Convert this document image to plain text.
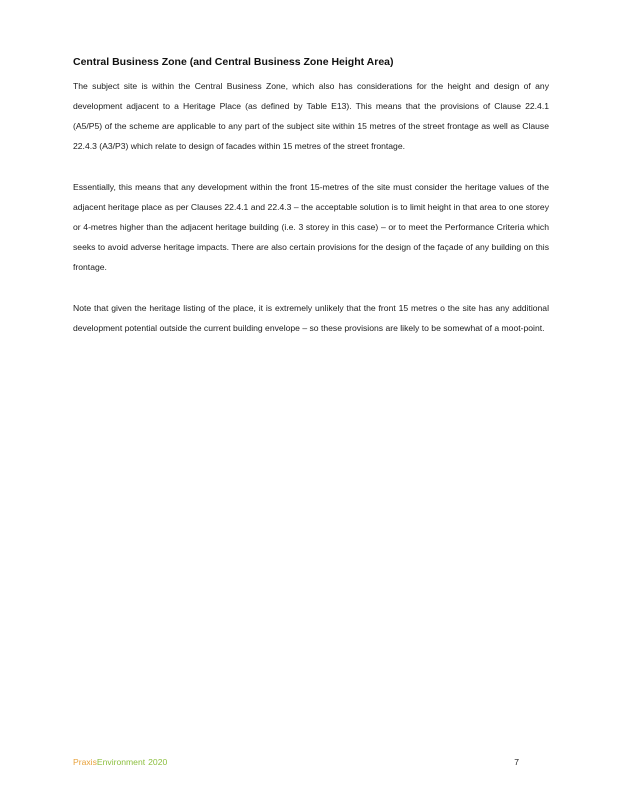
Central Business Zone (and Central Business Zone Height Area)

The subject site is within the Central Business Zone, which also has considerations for the height and design of any development adjacent to a Heritage Place (as defined by Table E13). This means that the provisions of Clause 22.4.1 (A5/P5) of the scheme are applicable to any part of the subject site within 15 metres of the street frontage as well as Clause 22.4.3 (A3/P3) which relate to design of facades within 15 metres of the street frontage.

Essentially, this means that any development within the front 15-metres of the site must consider the heritage values of the adjacent heritage place as per Clauses 22.4.1 and 22.4.3 – the acceptable solution is to limit height in that area to one storey or 4-metres higher than the adjacent heritage building (i.e. 3 storey in this case) – or to meet the Performance Criteria which seeks to avoid adverse heritage impacts. There are also certain provisions for the design of the façade of any building on this frontage.

Note that given the heritage listing of the place, it is extremely unlikely that the front 15 metres o the site has any additional development potential outside the current building envelope – so these provisions are likely to be somewhat of a moot-point.

PraxisEnvironment 2020	7
